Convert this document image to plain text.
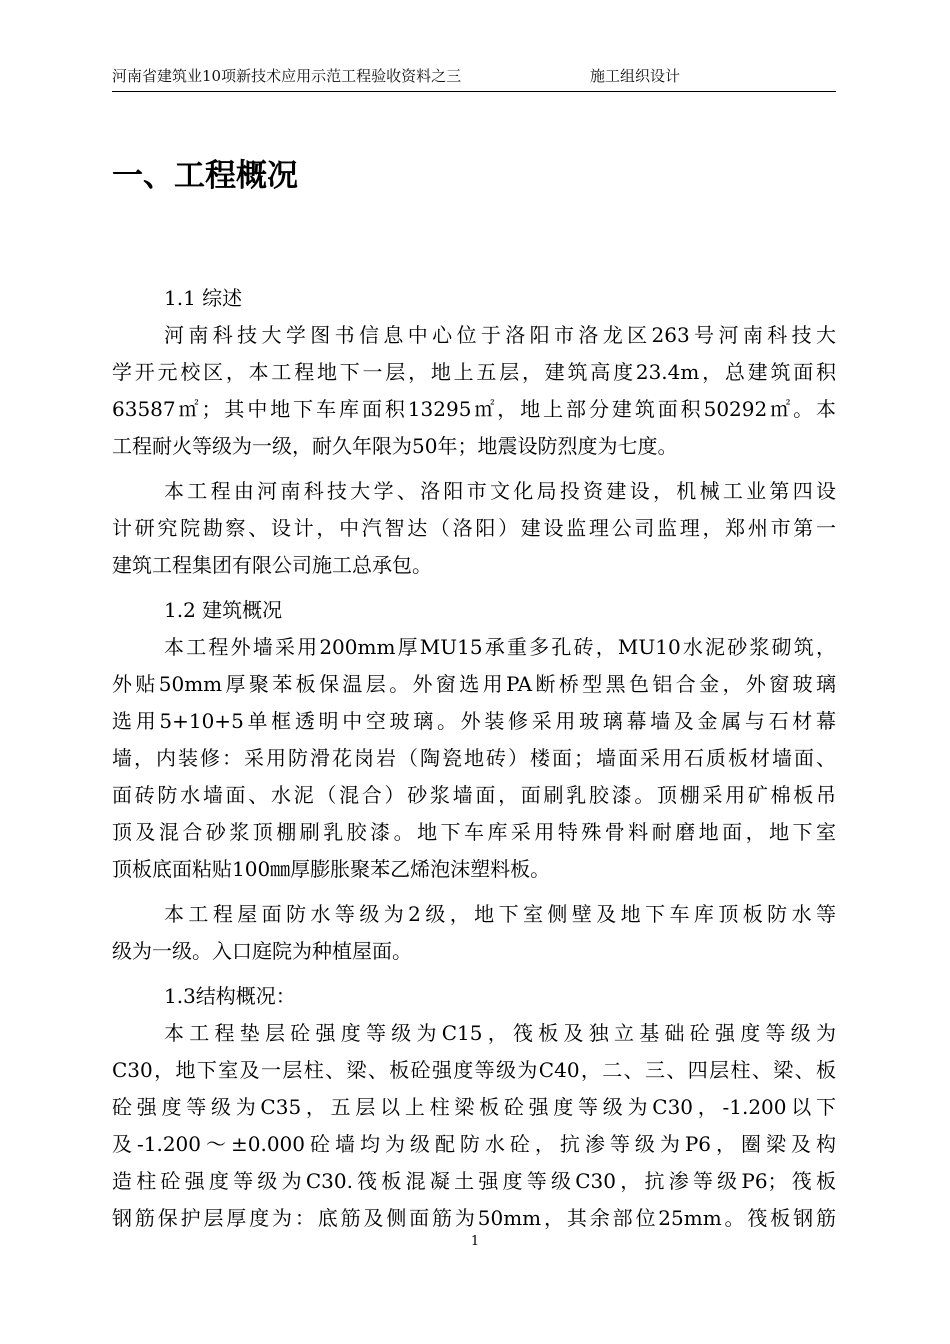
河南省建筑业10项新技术应用示范工程验收资料之三	施工组织设计
一、工程概况
1.1 综述
河南科技大学图书信息中心位于洛阳市洛龙区263号河南科技大
学开元校区，本工程地下一层，地上五层，建筑高度23.4m，总建筑面积
63587㎡；其中地下车库面积13295㎡，地上部分建筑面积50292㎡。本
工程耐火等级为一级，耐久年限为50年；地震设防烈度为七度。
本工程由河南科技大学、洛阳市文化局投资建设，机械工业第四设
计研究院勘察、设计，中汽智达（洛阳）建设监理公司监理，郑州市第一
建筑工程集团有限公司施工总承包。
1.2 建筑概况
本工程外墙采用200mm厚MU15承重多孔砖，MU10水泥砂浆砌筑，
外贴50mm厚聚苯板保温层。外窗选用PA断桥型黑色铝合金，外窗玻璃
选用5+10+5单框透明中空玻璃。外装修采用玻璃幕墙及金属与石材幕
墙，内装修：采用防滑花岗岩（陶瓷地砖）楼面；墙面采用石质板材墙面、
面砖防水墙面、水泥（混合）砂浆墙面，面刷乳胶漆。顶棚采用矿棉板吊
顶及混合砂浆顶棚刷乳胶漆。地下车库采用特殊骨料耐磨地面，地下室
顶板底面粘贴100㎜厚膨胀聚苯乙烯泡沫塑料板。
本工程屋面防水等级为2级，地下室侧壁及地下车库顶板防水等
级为一级。入口庭院为种植屋面。
1.3结构概况：
本工程垫层砼强度等级为C15，筏板及独立基础砼强度等级为
C30，地下室及一层柱、梁、板砼强度等级为C40，二、三、四层柱、梁、板
砼强度等级为C35，五层以上柱梁板砼强度等级为C30，-1.200以下
及-1.200～±0.000砼墙均为级配防水砼，抗渗等级为P6，圈梁及构
造柱砼强度等级为C30.筏板混凝土强度等级C30，抗渗等级P6；筏板
钢筋保护层厚度为：底筋及侧面筋为50mm，其余部位25mm。筏板钢筋
1
